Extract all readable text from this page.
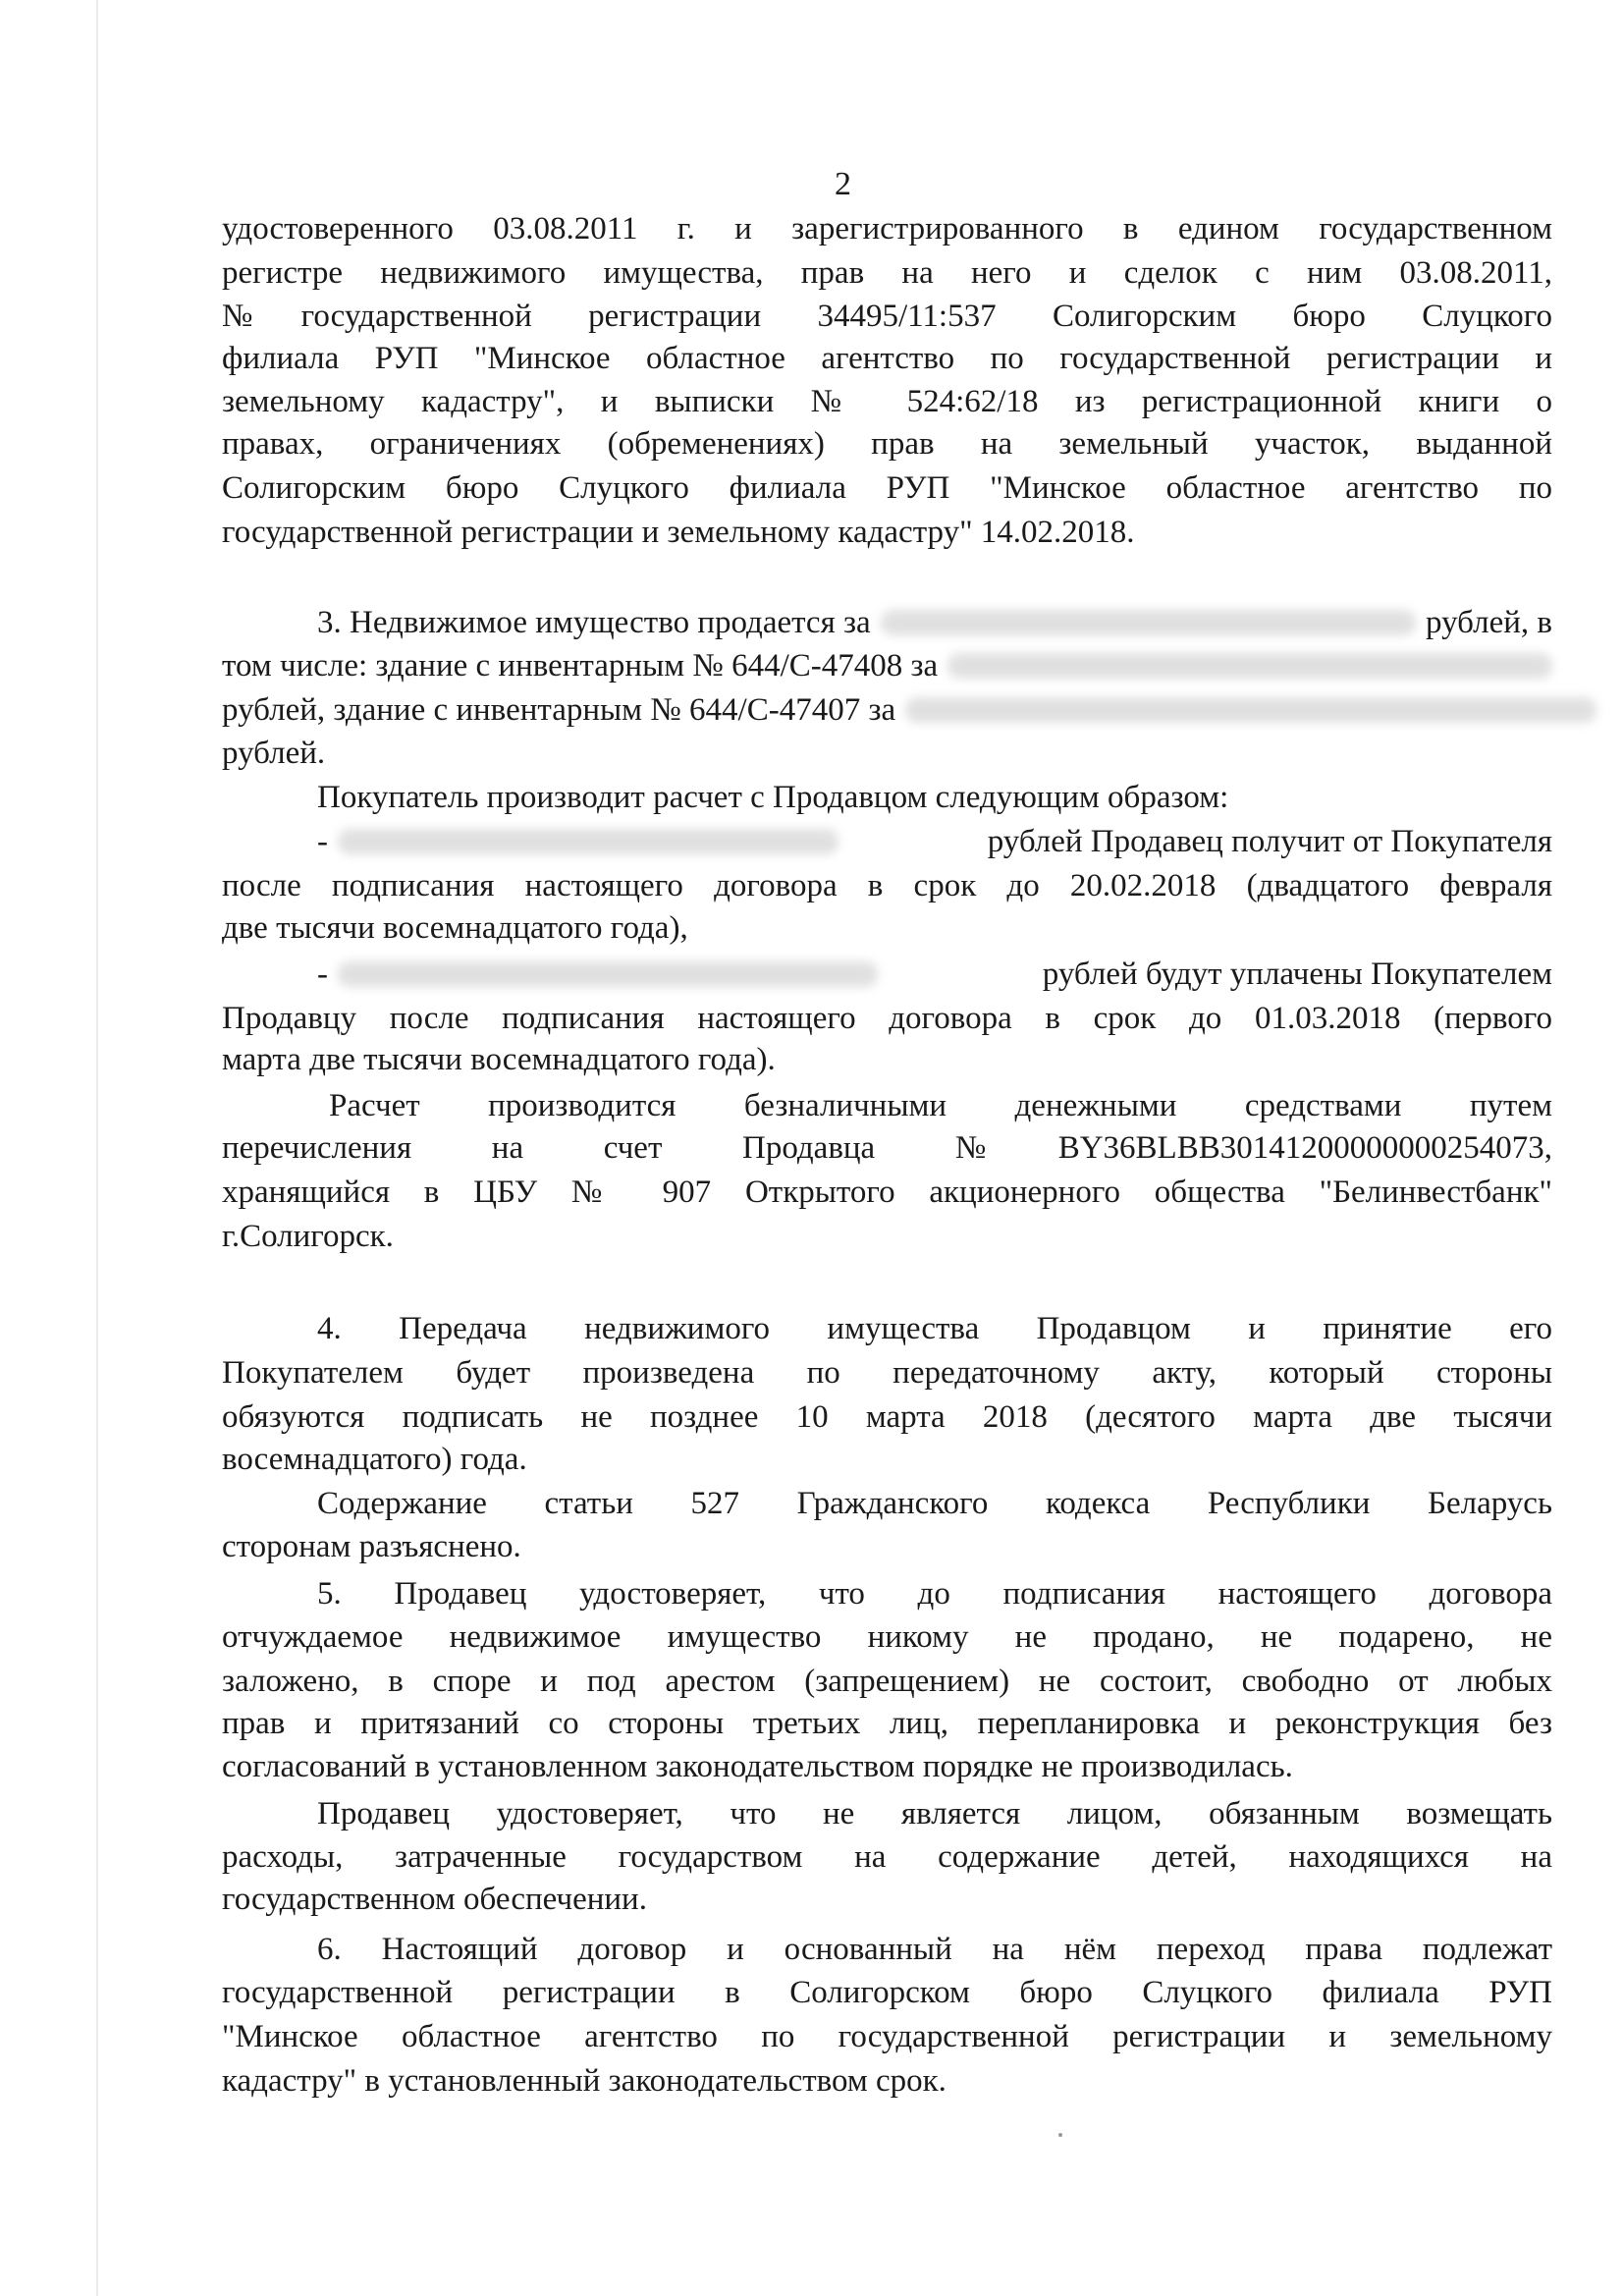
2
удостоверенного 03.08.2011 г. и зарегистрированного в едином государственном
регистре недвижимого имущества, прав на него и сделок с ним 03.08.2011,
№государственной регистрации 34495/11:537 Солигорским бюро Слуцкого
филиала РУП "Минское областное агентство по государственной регистрации и
земельному кадастру", и выписки № 524:62/18 из регистрационной книги о
правах, ограничениях (обременениях) прав на земельный участок, выданной
Солигорским бюро Слуцкого филиала РУП "Минское областное агентство по
государственной регистрации и земельному кадастру" 14.02.2018.
3. Недвижимое имущество продается за	рублей, в
том числе: здание с инвентарным № 644/С-47408 за
рублей, здание с инвентарным № 644/С-47407 за
рублей.
Покупатель производит расчет с Продавцом следующим образом:
-	рублей Продавец получит от Покупателя
после подписания настоящего договора в срок до 20.02.2018 (двадцатого февраля
две тысячи восемнадцатого года),
-	рублей будут уплачены Покупателем
Продавцу после подписания настоящего договора в срок до 01.03.2018 (первого
марта две тысячи восемнадцатого года).
Расчет производится безналичными денежными средствами путем
перечисления на счет Продавца №BY36BLBB30141200000000254073,
хранящийся в ЦБУ № 907 Открытого акционерного общества "Белинвестбанк"
г.Солигорск.
4. Передача недвижимого имущества Продавцом и принятие его
Покупателем будет произведена по передаточному акту, который стороны
обязуются подписать не позднее 10 марта 2018 (десятого марта две тысячи
восемнадцатого) года.
Содержание статьи 527 Гражданского кодекса Республики Беларусь
сторонам разъяснено.
5. Продавец удостоверяет, что до подписания настоящего договора
отчуждаемое недвижимое имущество никому не продано, не подарено, не
заложено, в споре и под арестом (запрещением) не состоит, свободно от любых
прав и притязаний со стороны третьих лиц, перепланировка и реконструкция без
согласований в установленном законодательством порядке не производилась.
Продавец удостоверяет, что не является лицом, обязанным возмещать
расходы, затраченные государством на содержание детей, находящихся на
государственном обеспечении.
6. Настоящий договор и основанный на нём переход права подлежат
государственной регистрации в Солигорском бюро Слуцкого филиала РУП
"Минское областное агентство по государственной регистрации и земельному
кадастру" в установленный законодательством срок.
